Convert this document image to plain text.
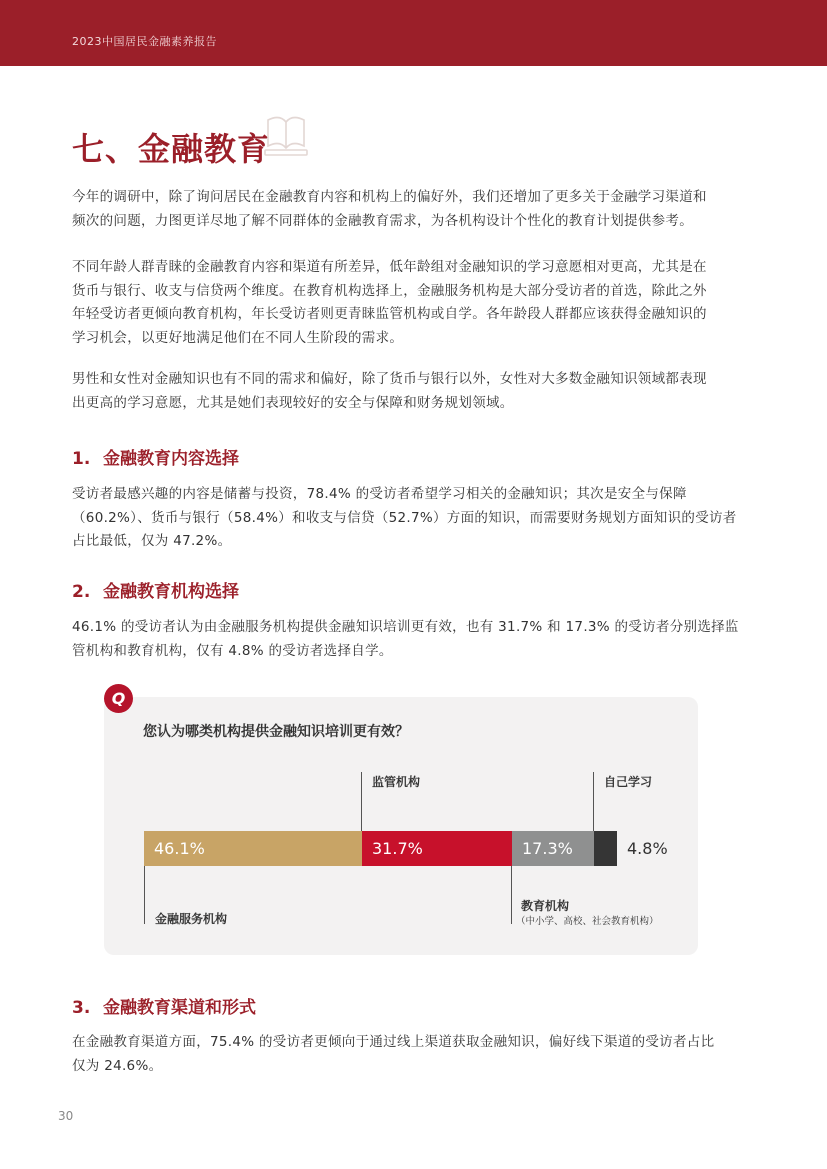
2023中国居民金融素养报告
七、金融教育
今年的调研中，除了询问居民在金融教育内容和机构上的偏好外，我们还增加了更多关于金融学习渠道和
频次的问题，力图更详尽地了解不同群体的金融教育需求，为各机构设计个性化的教育计划提供参考。
不同年龄人群青睐的金融教育内容和渠道有所差异，低年龄组对金融知识的学习意愿相对更高，尤其是在
货币与银行、收支与信贷两个维度。在教育机构选择上，金融服务机构是大部分受访者的首选，除此之外
年轻受访者更倾向教育机构，年长受访者则更青睐监管机构或自学。各年龄段人群都应该获得金融知识的
学习机会，以更好地满足他们在不同人生阶段的需求。
男性和女性对金融知识也有不同的需求和偏好，除了货币与银行以外，女性对大多数金融知识领域都表现
出更高的学习意愿，尤其是她们表现较好的安全与保障和财务规划领域。
1. 金融教育内容选择
受访者最感兴趣的内容是储蓄与投资，78.4% 的受访者希望学习相关的金融知识；其次是安全与保障
（60.2%）、货币与银行（58.4%）和收支与信贷（52.7%）方面的知识，而需要财务规划方面知识的受访者
占比最低，仅为 47.2%。
2. 金融教育机构选择
46.1% 的受访者认为由金融服务机构提供金融知识培训更有效，也有 31.7% 和 17.3% 的受访者分别选择监
管机构和教育机构，仅有 4.8% 的受访者选择自学。
Q
您认为哪类机构提供金融知识培训更有效？
监管机构	自己学习
金融服务机构
教育机构
（中小学、高校、社会教育机构）
46.1%	31.7%	17.3%	4.8%
3. 金融教育渠道和形式
在金融教育渠道方面，75.4% 的受访者更倾向于通过线上渠道获取金融知识，偏好线下渠道的受访者占比
仅为 24.6%。
30
